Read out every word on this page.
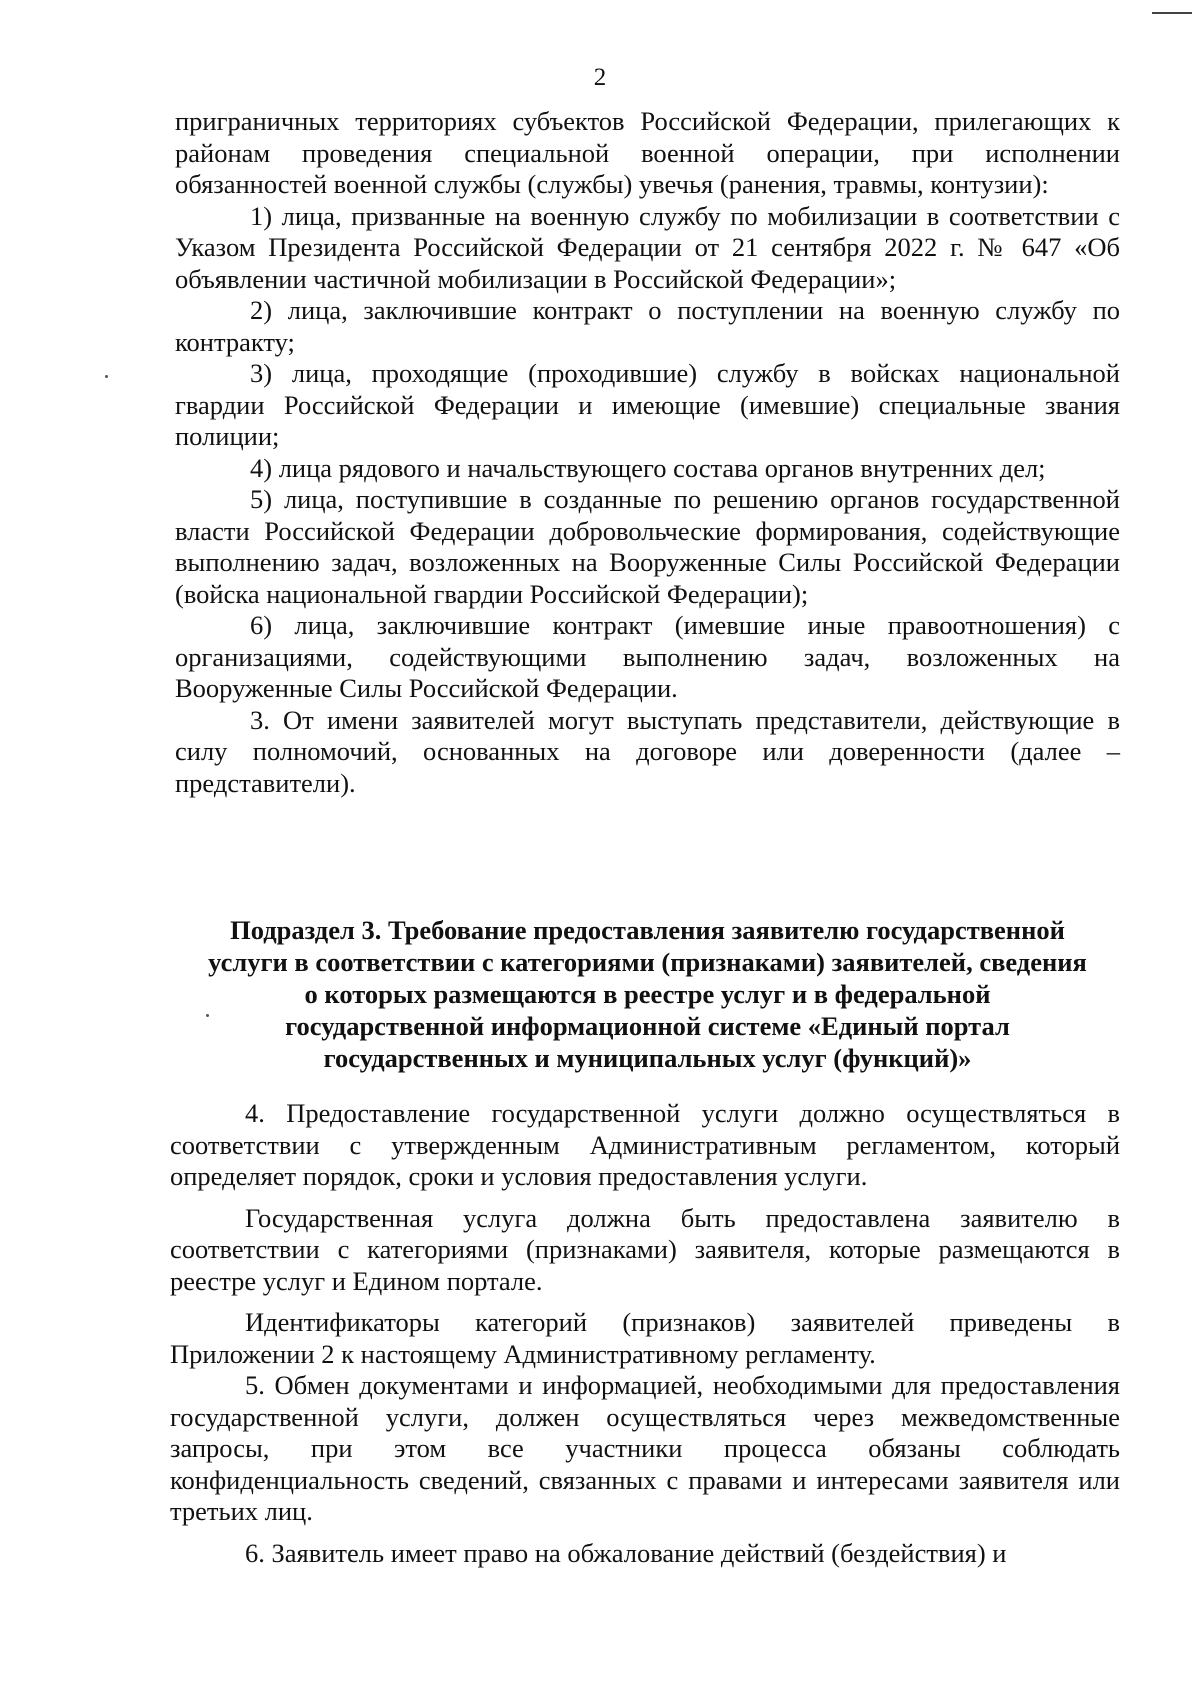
2

приграничных территориях субъектов Российской Федерации, прилегающих к районам проведения специальной военной операции, при исполнении обязанностей военной службы (службы) увечья (ранения, травмы, контузии):

1) лица, призванные на военную службу по мобилизации в соответствии с Указом Президента Российской Федерации от 21 сентября 2022 г. № 647 «Об объявлении частичной мобилизации в Российской Федерации»;

2) лица, заключившие контракт о поступлении на военную службу по контракту;

3) лица, проходящие (проходившие) службу в войсках национальной гвардии Российской Федерации и имеющие (имевшие) специальные звания полиции;

4) лица рядового и начальствующего состава органов внутренних дел;

5) лица, поступившие в созданные по решению органов государственной власти Российской Федерации добровольческие формирования, содействующие выполнению задач, возложенных на Вооруженные Силы Российской Федерации (войска национальной гвардии Российской Федерации);

6) лица, заключившие контракт (имевшие иные правоотношения) с организациями, содействующими выполнению задач, возложенных на Вооруженные Силы Российской Федерации.

3. От имени заявителей могут выступать представители, действующие в силу полномочий, основанных на договоре или доверенности (далее – представители).

Подраздел 3. Требование предоставления заявителю государственной
услуги в соответствии с категориями (признаками) заявителей, сведения
о которых размещаются в реестре услуг и в федеральной
государственной информационной системе «Единый портал
государственных и муниципальных услуг (функций)»

4. Предоставление государственной услуги должно осуществляться в соответствии с утвержденным Административным регламентом, который определяет порядок, сроки и условия предоставления услуги.

Государственная услуга должна быть предоставлена заявителю в соответствии с категориями (признаками) заявителя, которые размещаются в реестре услуг и Едином портале.

Идентификаторы категорий (признаков) заявителей приведены в Приложении 2 к настоящему Административному регламенту.

5. Обмен документами и информацией, необходимыми для предоставления государственной услуги, должен осуществляться через межведомственные запросы, при этом все участники процесса обязаны соблюдать конфиденциальность сведений, связанных с правами и интересами заявителя или третьих лиц.

6. Заявитель имеет право на обжалование действий (бездействия) и
